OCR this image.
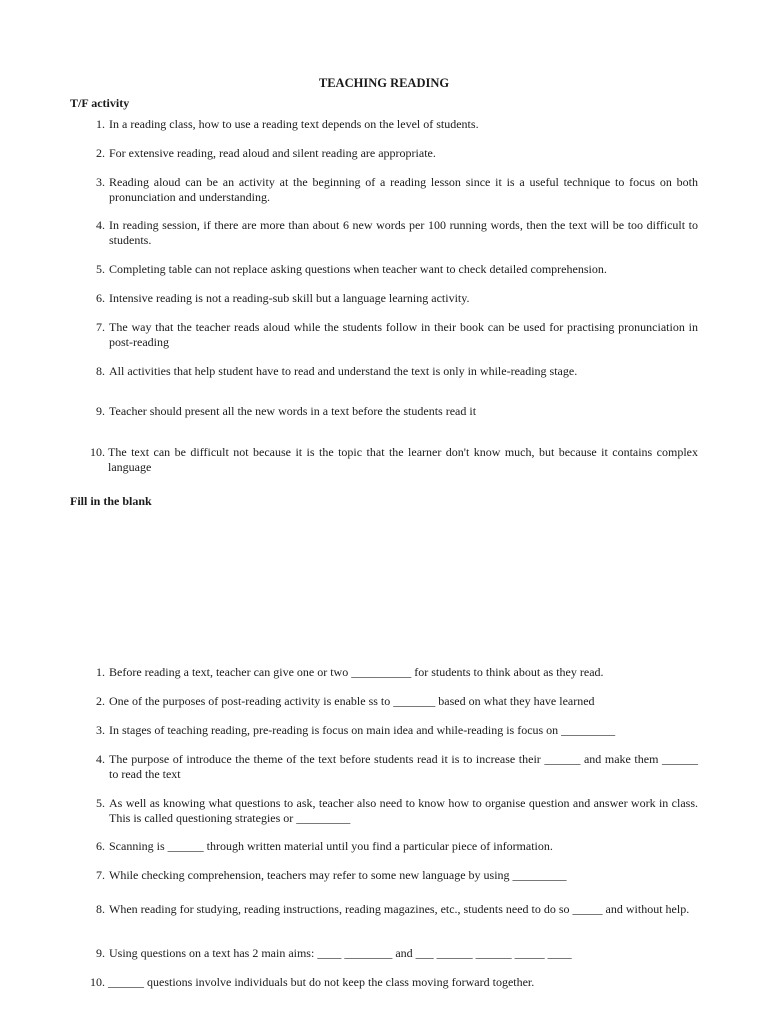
TEACHING READING
T/F activity
1. In a reading class, how to use a reading text depends on the level of students.
2. For extensive reading, read aloud and silent reading are appropriate.
3. Reading aloud can be an activity at the beginning of a reading lesson since it is a useful technique to focus on both pronunciation and understanding.
4. In reading session, if there are more than about 6 new words per 100 running words, then the text will be too difficult to students.
5. Completing table can not replace asking questions when teacher want to check detailed comprehension.
6. Intensive reading is not a reading-sub skill but a language learning activity.
7. The way that the teacher reads aloud while the students follow in their book can be used for practising pronunciation in post-reading
8. All activities that help student have to read and understand the text is only in while-reading stage.
9. Teacher should present all the new words in a text before the students read it
10. The text can be difficult not because it is the topic that the learner don't know much, but because it contains complex language
Fill in the blank
1. Before reading a text, teacher can give one or two __________ for students to think about as they read.
2. One of the purposes of post-reading activity is enable ss to _______ based on what they have learned
3. In stages of teaching reading, pre-reading is focus on main idea and while-reading is focus on _________
4. The purpose of introduce the theme of the text before students read it is to increase their ______ and make them ______ to read the text
5. As well as knowing what questions to ask, teacher also need to know how to organise question and answer work in class. This is called questioning strategies or _________
6. Scanning is ______ through written material until you find a particular piece of information.
7. While checking comprehension, teachers may refer to some new language by using _________
8. When reading for studying, reading instructions, reading magazines, etc., students need to do so _____ and without help.
9. Using questions on a text has 2 main aims: ____ ________ and ___ ______ ______ _____ ____
10. ______ questions involve individuals but do not keep the class moving forward together.
